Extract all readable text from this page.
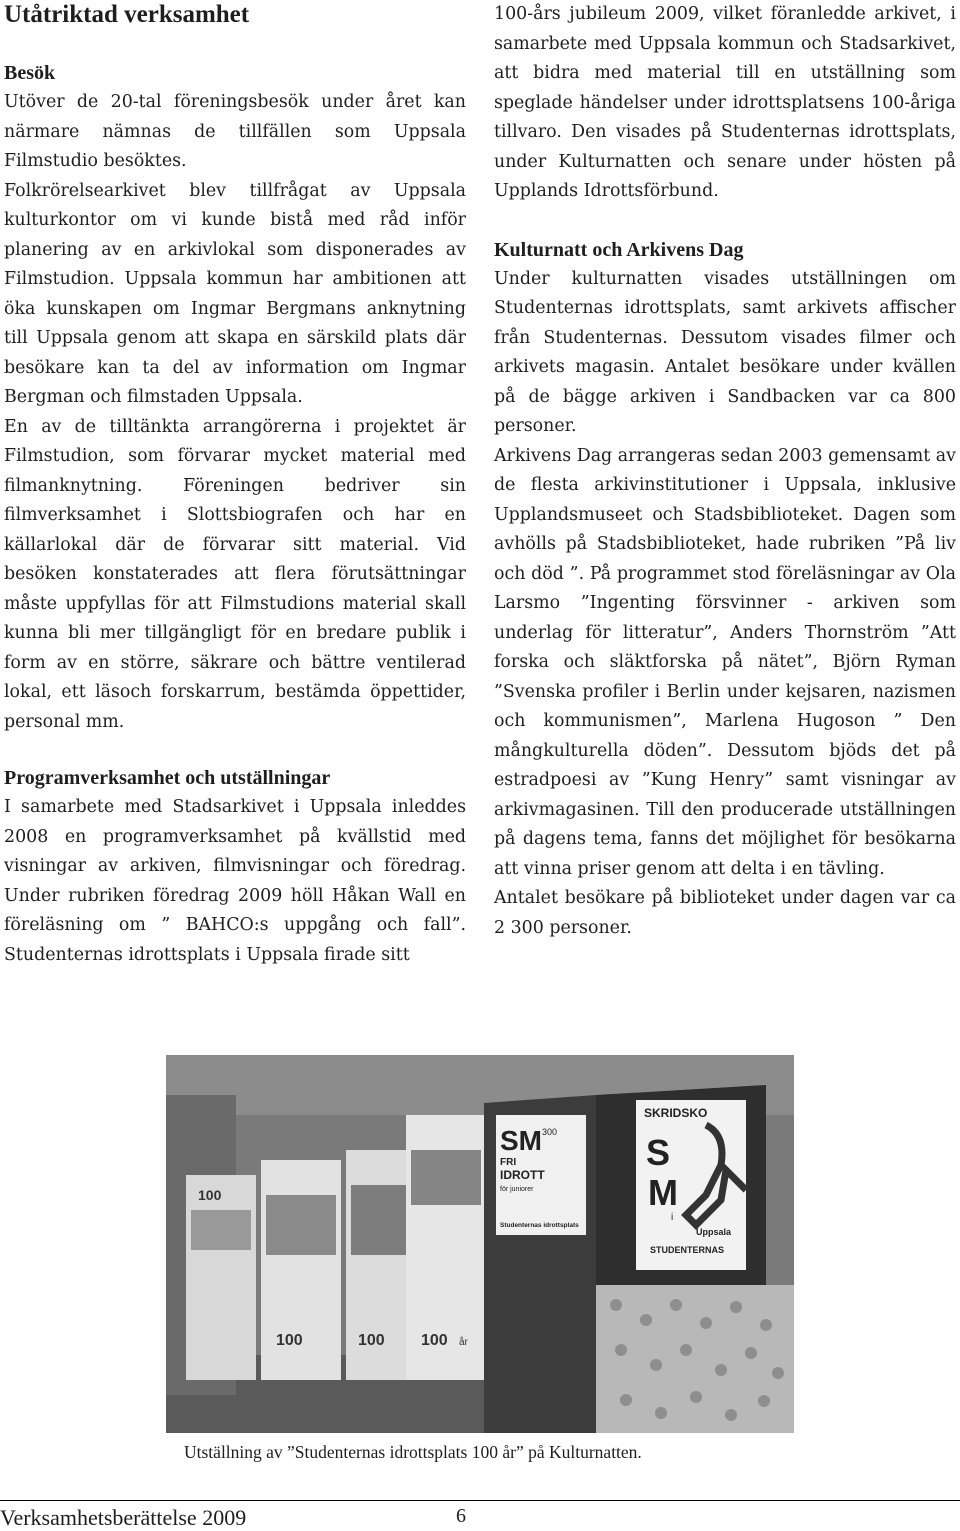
Utåtriktad verksamhet
Besök

Utöver de 20-tal föreningsbesök under året kan närmare nämnas de tillfällen som Uppsala Filmstudio besöktes.

Folkrörelsearkivet blev tillfrågat av Uppsala kulturkontor om vi kunde bistå med råd inför planering av en arkivlokal som disponerades av Filmstudion. Uppsala kommun har ambitionen att öka kunskapen om Ingmar Bergmans anknytning till Uppsala genom att skapa en särskild plats där besökare kan ta del av information om Ingmar Bergman och filmstaden Uppsala.

En av de tilltänkta arrangörerna i projektet är Filmstudion, som förvarar mycket material med filmanknytning. Föreningen bedriver sin filmverksamhet i Slottsbiografen och har en källarlokal där de förvarar sitt material. Vid besöken konstaterades att flera förutsättningar måste uppfyllas för att Filmstudions material skall kunna bli mer tillgängligt för en bredare publik i form av en större, säkrare och bättre ventilerad lokal, ett läsoch forskarrum, bestämda öppettider, personal mm.

Programverksamhet och utställningar

I samarbete med Stadsarkivet i Uppsala inleddes 2008 en programverksamhet på kvällstid med visningar av arkiven, filmvisningar och föredrag. Under rubriken föredrag 2009 höll Håkan Wall en föreläsning om ” BAHCO:s uppgång och fall”. Studenternas idrottsplats i Uppsala firade sitt

100-års jubileum 2009, vilket föranledde arkivet, i samarbete med Uppsala kommun och Stadsarkivet, att bidra med material till en utställning som speglade händelser under idrottsplatsens 100-åriga tillvaro. Den visades på Studenternas idrottsplats, under Kulturnatten och senare under hösten på Upplands Idrottsförbund.

Kulturnatt och Arkivens Dag

Under kulturnatten visades utställningen om Studenternas idrottsplats, samt arkivets affischer från Studenternas. Dessutom visades filmer och arkivets magasin. Antalet besökare under kvällen på de bägge arkiven i Sandbacken var ca 800 personer.

Arkivens Dag arrangeras sedan 2003 gemensamt av de flesta arkivinstitutioner i Uppsala, inklusive Upplandsmuseet och Stadsbiblioteket. Dagen som avhölls på Stadsbiblioteket, hade rubriken ”På liv och död ”. På programmet stod föreläsningar av Ola Larsmo ”Ingenting försvinner - arkiven som underlag för litteratur”, Anders Thornström ”Att forska och släktforska på nätet”, Björn Ryman ”Svenska profiler i Berlin under kejsaren, nazismen och kommunismen”, Marlena Hugoson ” Den mångkulturella döden”. Dessutom bjöds det på estradpoesi av ”Kung Henry” samt visningar av arkivmagasinen. Till den producerade utställningen på dagens tema, fanns det möjlighet för besökarna att vinna priser genom att delta i en tävling.

Antalet besökare på biblioteket under dagen var ca 2 300 personer.

100
100	100 100 år
SM 300
FRI
IDROTT
för juniorer
Studenternas idrottsplats
SKRIDSKO
S
M
i
Uppsala
STUDENTERNAS
Utställning av ”Studenternas idrottsplats 100 år” på Kulturnatten.
Verksamhetsberättelse 2009	6
